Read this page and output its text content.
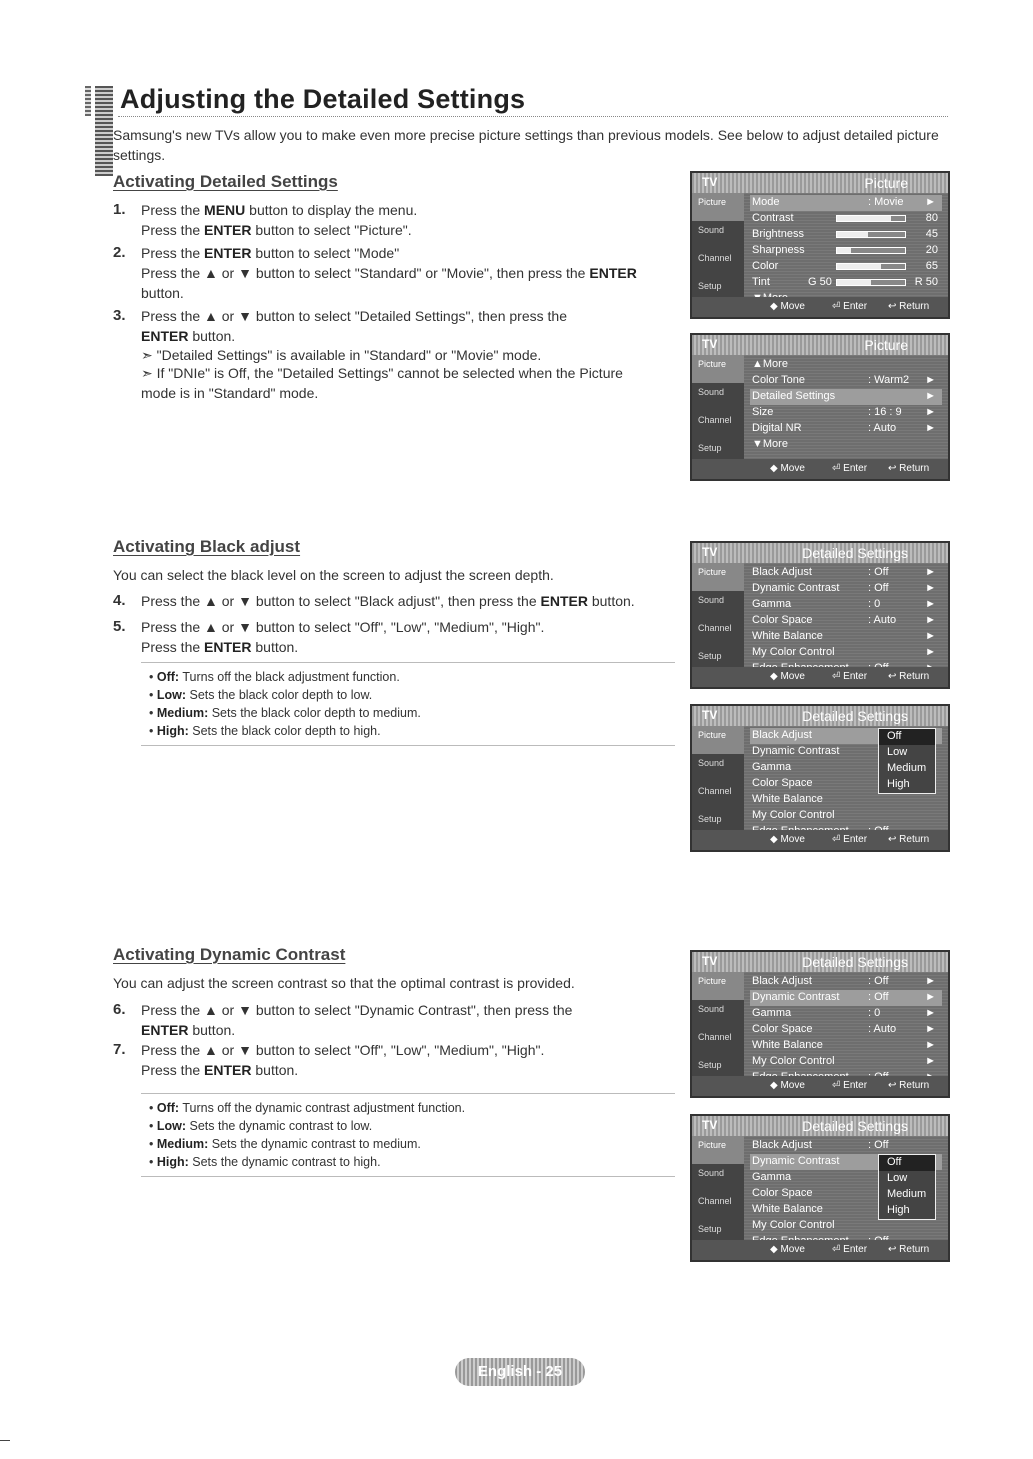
Adjusting the Detailed Settings

Samsung's new TVs allow you to make even more precise picture settings than previous models. See below to adjust detailed picture settings.

Activating Detailed Settings
1. Press the MENU button to display the menu.
Press the ENTER button to select "Picture".
2. Press the ENTER button to select "Mode"
Press the ▲ or ▼ button to select "Standard" or "Movie", then press the ENTER button.
3. Press the ▲ or ▼ button to select "Detailed Settings", then press the ENTER button.
➣ "Detailed Settings" is available in "Standard" or "Movie" mode.
➣ If "DNIe" is Off, the "Detailed Settings" cannot be selected when the Picture mode is in "Standard" mode.
Activating Black adjust

You can select the black level on the screen to adjust the screen depth.

4. Press the ▲ or ▼ button to select "Black adjust", then press the ENTER button.
5. Press the ▲ or ▼ button to select "Off", "Low", "Medium", "High".
Press the ENTER button.
• Off: Turns off the black adjustment function.
• Low: Sets the black color depth to low.
• Medium: Sets the black color depth to medium.
• High: Sets the black color depth to high.
Activating Dynamic Contrast

You can adjust the screen contrast so that the optimal contrast is provided.

6. Press the ▲ or ▼ button to select "Dynamic Contrast", then press the ENTER button.
7. Press the ▲ or ▼ button to select "Off", "Low", "Medium", "High".
Press the ENTER button.
• Off: Turns off the dynamic contrast adjustment function.
• Low: Sets the dynamic contrast to low.
• Medium: Sets the dynamic contrast to medium.
• High: Sets the dynamic contrast to high.
TV	Picture
Picture
Sound
Channel
Setup
Mode	: Movie ►
Contrast	80
Brightness	45
Sharpness	20
Color	65
Tint	G 50	R 50
◆ Move	⏎ Enter ↩ Return
TV	Picture
Picture
Sound
Channel
Setup
▲More
Color Tone	: Warm2 ►
Detailed Settings	►
Size	: 16 : 9 ►
Digital NR	: Auto	►
▼More
◆ Move	⏎ Enter ↩ Return
TV	Detailed Settings
Picture
Sound
Channel
Setup
Black Adjust	: Off	►
Dynamic Contrast	: Off	►
Gamma	: 0	►
Color Space	: Auto	►
White Balance	►
My Color Control	►
◆ Move	⏎ Enter ↩ Return
TV	Detailed Settings
Picture
Sound
Channel
Setup
Black Adjust
Dynamic Contrast
Gamma
Color Space
White Balance
My Color Control
Off
Low
Medium
High
◆ Move	⏎ Enter ↩ Return
TV	Detailed Settings
Picture
Sound
Channel
Setup
Black Adjust	: Off	►
Dynamic Contrast	: Off	►
Gamma	: 0	►
Color Space	: Auto	►
White Balance	►
My Color Control	►
◆ Move	⏎ Enter ↩ Return
TV	Detailed Settings
Picture
Sound
Channel
Setup
Black Adjust	: Off
Dynamic Contrast
Gamma
Color Space
White Balance
My Color Control
Off
Low
Medium
High
◆ Move	⏎ Enter ↩ Return
English - 25
